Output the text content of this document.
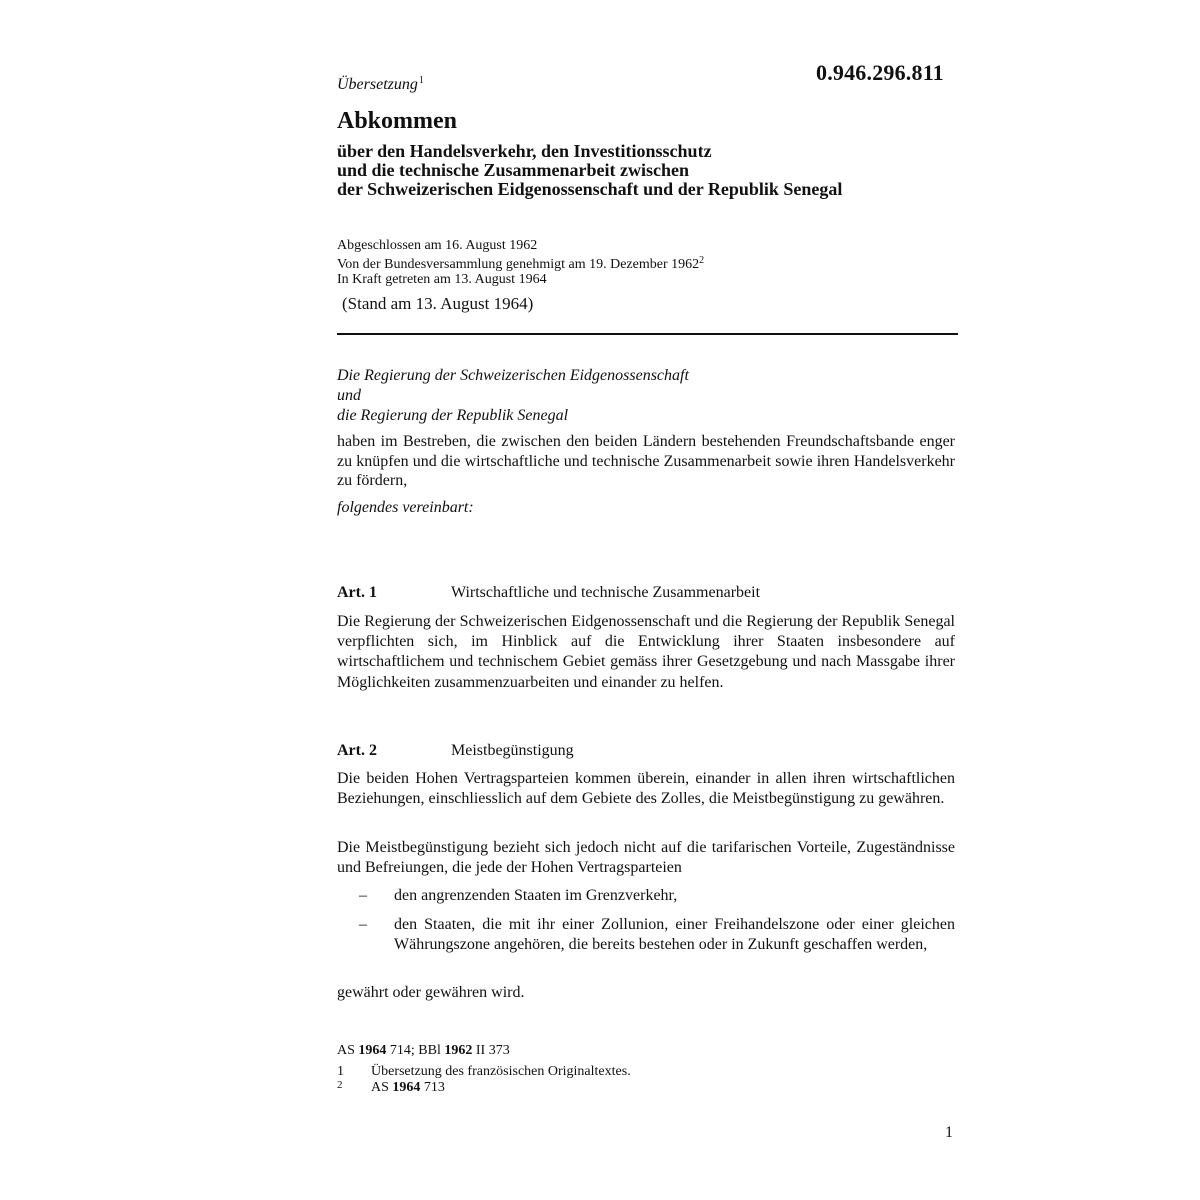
0.946.296.811
Übersetzung$^1$
Abkommen
über den Handelsverkehr, den Investitionsschutz
und die technische Zusammenarbeit zwischen
der Schweizerischen Eidgenossenschaft und der Republik Senegal
Abgeschlossen am 16. August 1962
Von der Bundesversammlung genehmigt am 19. Dezember 1962$^2$
In Kraft getreten am 13. August 1964
(Stand am 13. August 1964)
Die Regierung der Schweizerischen Eidgenossenschaft
und
die Regierung der Republik Senegal
haben im Bestreben, die zwischen den beiden Ländern bestehenden Freundschaftsbande enger zu knüpfen und die wirtschaftliche und technische Zusammenarbeit sowie ihren Handelsverkehr zu fördern,
folgendes vereinbart:
Art. 1	Wirtschaftliche und technische Zusammenarbeit
Die Regierung der Schweizerischen Eidgenossenschaft und die Regierung der Republik Senegal verpflichten sich, im Hinblick auf die Entwicklung ihrer Staaten insbesondere auf wirtschaftlichem und technischem Gebiet gemäss ihrer Gesetzgebung und nach Massgabe ihrer Möglichkeiten zusammenzuarbeiten und einander zu helfen.
Art. 2	Meistbegünstigung
Die beiden Hohen Vertragsparteien kommen überein, einander in allen ihren wirtschaftlichen Beziehungen, einschliesslich auf dem Gebiete des Zolles, die Meistbegünstigung zu gewähren.
Die Meistbegünstigung bezieht sich jedoch nicht auf die tarifarischen Vorteile, Zugeständnisse und Befreiungen, die jede der Hohen Vertragsparteien
– den angrenzenden Staaten im Grenzverkehr,
– den Staaten, die mit ihr einer Zollunion, einer Freihandelszone oder einer gleichen Währungszone angehören, die bereits bestehen oder in Zukunft geschaffen werden,
gewährt oder gewähren wird.
AS 1964 714; BBl 1962 II 373
1 Übersetzung des französischen Originaltextes.
2 AS 1964 713
1
